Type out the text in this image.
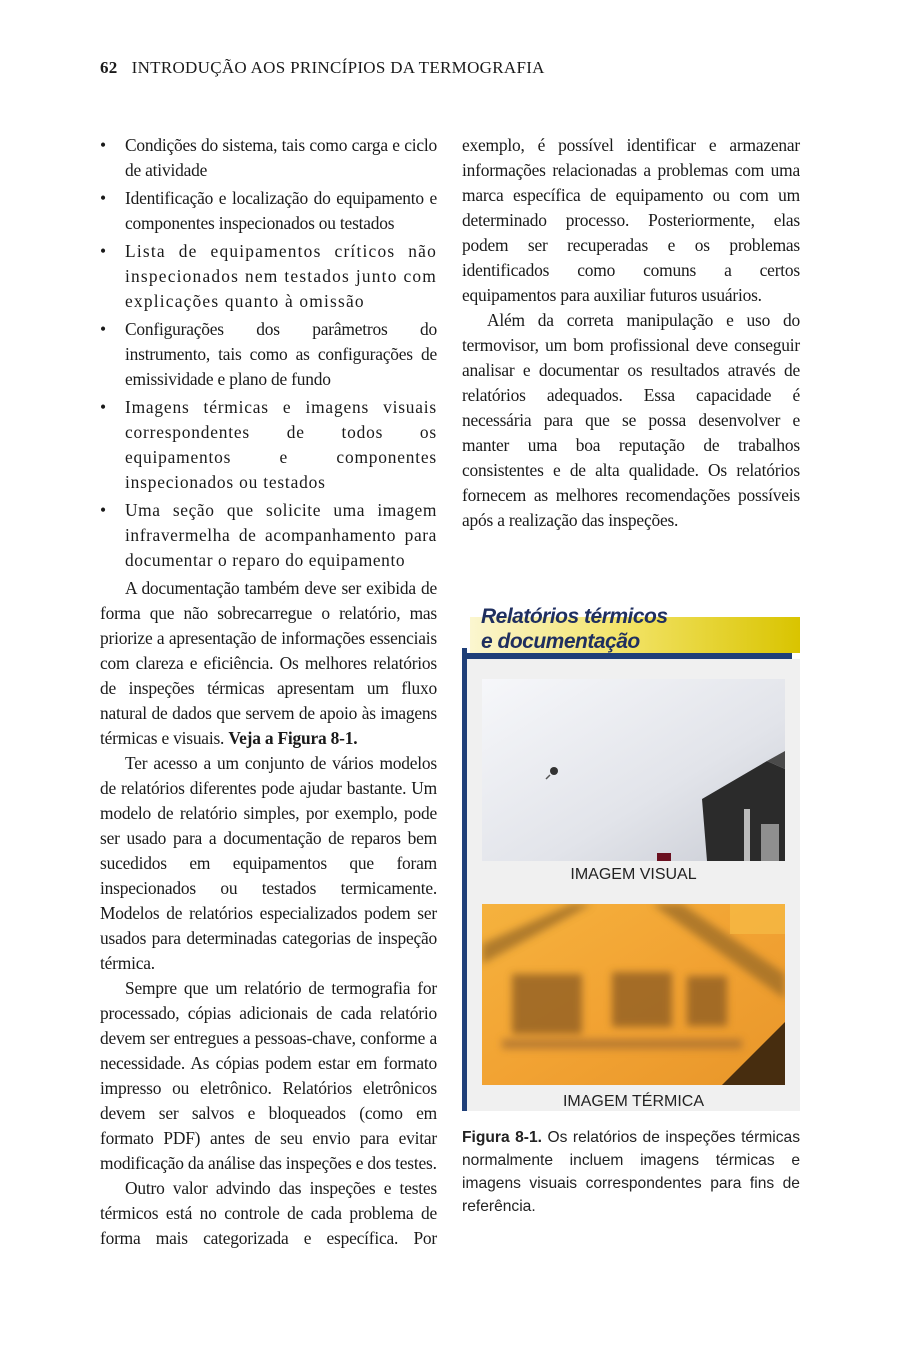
62 INTRODUÇÃO AOS PRINCÍPIOS DA TERMOGRAFIA
• Condições do sistema, tais como carga e ciclo de atividade
• Identificação e localização do equipamento e componentes inspecionados ou testados
• Lista de equipamentos críticos não inspecionados nem testados junto com explicações quanto à omissão
• Configurações dos parâmetros do instrumento, tais como as configurações de emissividade e plano de fundo
• Imagens térmicas e imagens visuais correspondentes de todos os equipamentos e componentes inspecionados ou testados
• Uma seção que solicite uma imagem infravermelha de acompanhamento para documentar o reparo do equipamento

A documentação também deve ser exibida de forma que não sobrecarregue o relatório, mas priorize a apresentação de informações essenciais com clareza e eficiência. Os melhores relatórios de inspeções térmicas apresentam um fluxo natural de dados que servem de apoio às imagens térmicas e visuais. Veja a Figura 8-1.

Ter acesso a um conjunto de vários modelos de relatórios diferentes pode ajudar bastante. Um modelo de relatório simples, por exemplo, pode ser usado para a documentação de reparos bem sucedidos em equipamentos que foram inspecionados ou testados termicamente. Modelos de relatórios especializados podem ser usados para determinadas categorias de inspeção térmica.

Sempre que um relatório de termografia for processado, cópias adicionais de cada relatório devem ser entregues a pessoas-chave, conforme a necessidade. As cópias podem estar em formato impresso ou eletrônico. Relatórios eletrônicos devem ser salvos e bloqueados (como em formato PDF) antes de seu envio para evitar modificação da análise das inspeções e dos testes.

Outro valor advindo das inspeções e testes térmicos está no controle de cada problema de forma mais categorizada e específica. Por

exemplo, é possível identificar e armazenar informações relacionadas a problemas com uma marca específica de equipamento ou com um determinado processo. Posteriormente, elas podem ser recuperadas e os problemas identificados como comuns a certos equipamentos para auxiliar futuros usuários.

Além da correta manipulação e uso do termovisor, um bom profissional deve conseguir analisar e documentar os resultados através de relatórios adequados. Essa capacidade é necessária para que se possa desenvolver e manter uma boa reputação de trabalhos consistentes e de alta qualidade. Os relatórios fornecem as melhores recomendações possíveis após a realização das inspeções.

Relatórios térmicos
e documentação
IMAGEM VISUAL
IMAGEM TÉRMICA
Figura 8-1. Os relatórios de inspeções térmicas normalmente incluem imagens térmicas e imagens visuais correspondentes para fins de referência.
